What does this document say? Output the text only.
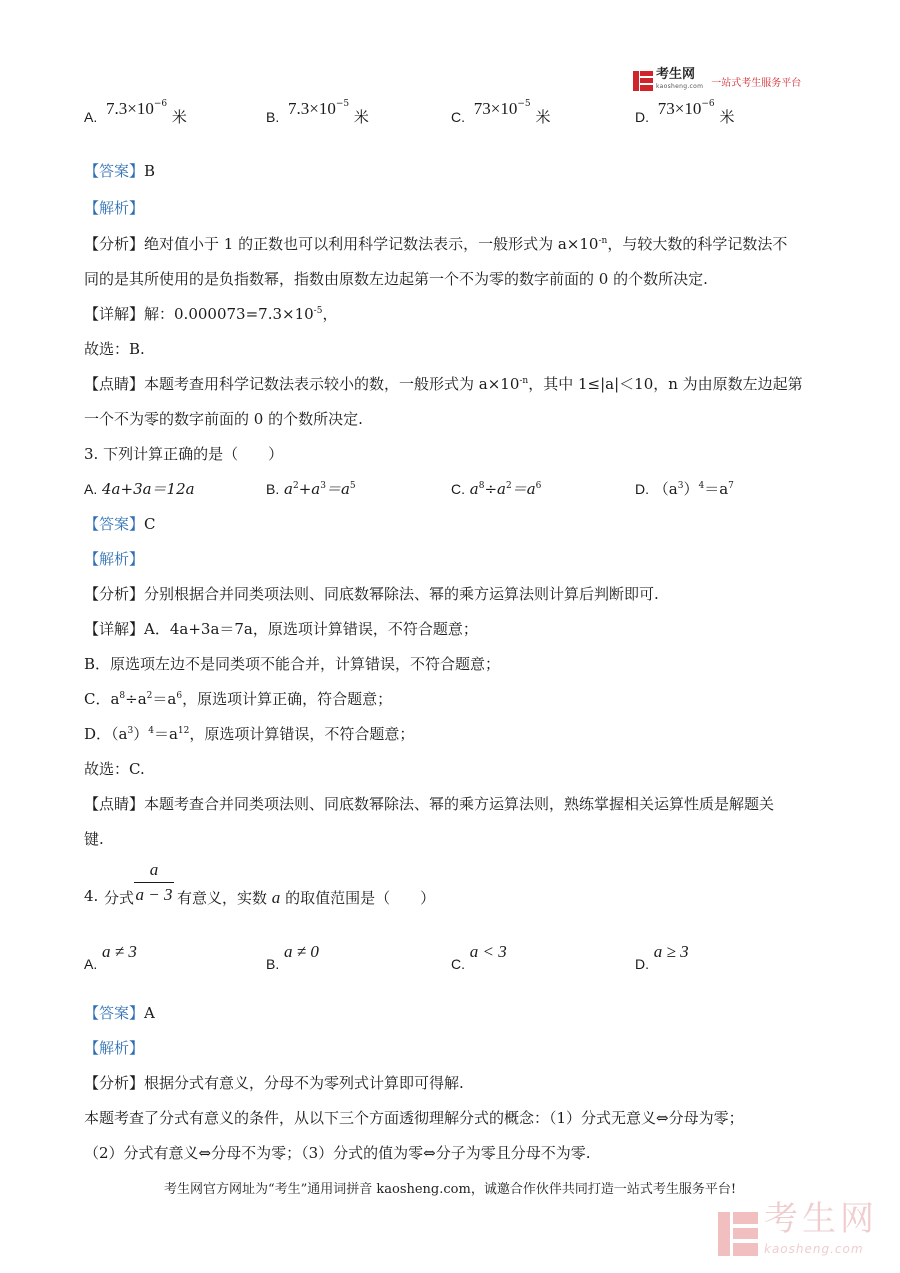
考生网
kaosheng.com 一站式考生服务平台
A. $7.3\times 10^{-6}$ 米	B. $7.3\times 10^{-5}$ 米	C. $73\times 10^{-5}$ 米	D. $73\times 10^{-6}$ 米
【答案】B
【解析】
【分析】绝对值小于 1 的正数也可以利用科学记数法表示，一般形式为 $a\times 10^{-n}$，与较大数的科学记数法不
同的是其所使用的是负指数幂，指数由原数左边起第一个不为零的数字前面的 0 的个数所决定.
【详解】解：$0.000073=7.3\times 10^{-5}$，
故选：B.
【点睛】本题考查用科学记数法表示较小的数，一般形式为 $a\times 10^{-n}$，其中 1≤|a|＜10，n 为由原数左边起第
一个不为零的数字前面的 0 的个数所决定.
3. 下列计算正确的是（　　）
A. 4a+3a＝12a	B. $a^2+a^3=a^5$	C. $a^8\div a^2=a^6$	D. $(a^3)^4=a^7$
【答案】C
【解析】
【分析】分别根据合并同类项法则、同底数幂除法、幂的乘方运算法则计算后判断即可.
【详解】A．4a+3a＝7a，原选项计算错误，不符合题意；
B．原选项左边不是同类项不能合并，计算错误，不符合题意；
C．$a^8\div a^2=a^6$，原选项计算正确，符合题意；
D．$(a^3)^4=a^{12}$，原选项计算错误，不符合题意；
故选：C.
【点睛】本题考查合并同类项法则、同底数幂除法、幂的乘方运算法则，熟练掌握相关运算性质是解题关
键.
4. 分式
a
a − 3 有意义，实数 a 的取值范围是（　　）
A. a ≠ 3
B. a ≠ 0
C. a < 3
D. a ≥ 3
【答案】A
【解析】
【分析】根据分式有意义，分母不为零列式计算即可得解.
本题考查了分式有意义的条件，从以下三个方面透彻理解分式的概念：（1）分式无意义⇔分母为零；
（2）分式有意义⇔分母不为零；（3）分式的值为零⇔分子为零且分母不为零.
考生网官方网址为“考生”通用词拼音 kaosheng.com，诚邀合作伙伴共同打造一站式考生服务平台!
考生网
kaosheng.com
